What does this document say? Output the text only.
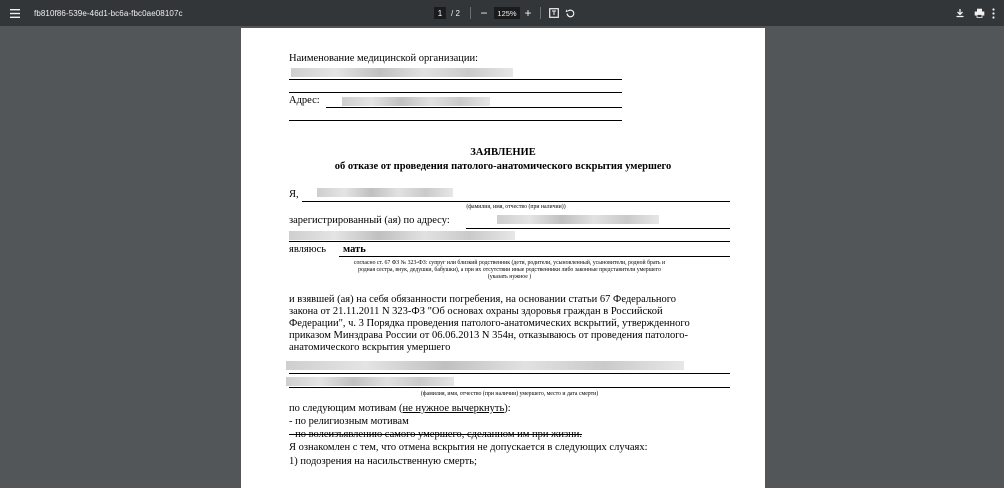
fb810f86-539e-46d1-bc6a-fbc0ae08107c	1	/ 2 −	125% +
Наименование медицинской организации:
Адрес:
ЗАЯВЛЕНИЕ
об отказе от проведения патолого-анатомического вскрытия умершего
Я,
(фамилия, имя, отчество (при наличии))
зарегистрированный (ая) по адресу:
являюсь мать
согласно ст. 67 ФЗ № 323-ФЗ: супруг или близкий родственник (дети, родители, усыновленный, усыновители, родной брать и
родная сестра, внук, дедушки, бабушки), а при их отсутствии иные родственники либо законные представители умершего
(указать нужное )
и взявшей (ая) на себя обязанности погребения, на основании статьи 67 Федерального
закона от 21.11.2011 N 323-ФЗ "Об основах охраны здоровья граждан в Российской
Федерации", ч. 3 Порядка проведения патолого-анатомических вскрытий, утвержденного
приказом Минздрава России от 06.06.2013 N 354н, отказываюсь от проведения патолого-
анатомического вскрытия умершего
(фамилия, имя, отчество (при наличии) умершего, место и дата смерти)
по следующим мотивам (не нужное вычеркнуть):
- по религиозным мотивам
- по волеизъявлению самого умершего, сделанном им при жизни.
Я ознакомлен с тем, что отмена вскрытия не допускается в следующих случаях:
1) подозрения на насильственную смерть;
